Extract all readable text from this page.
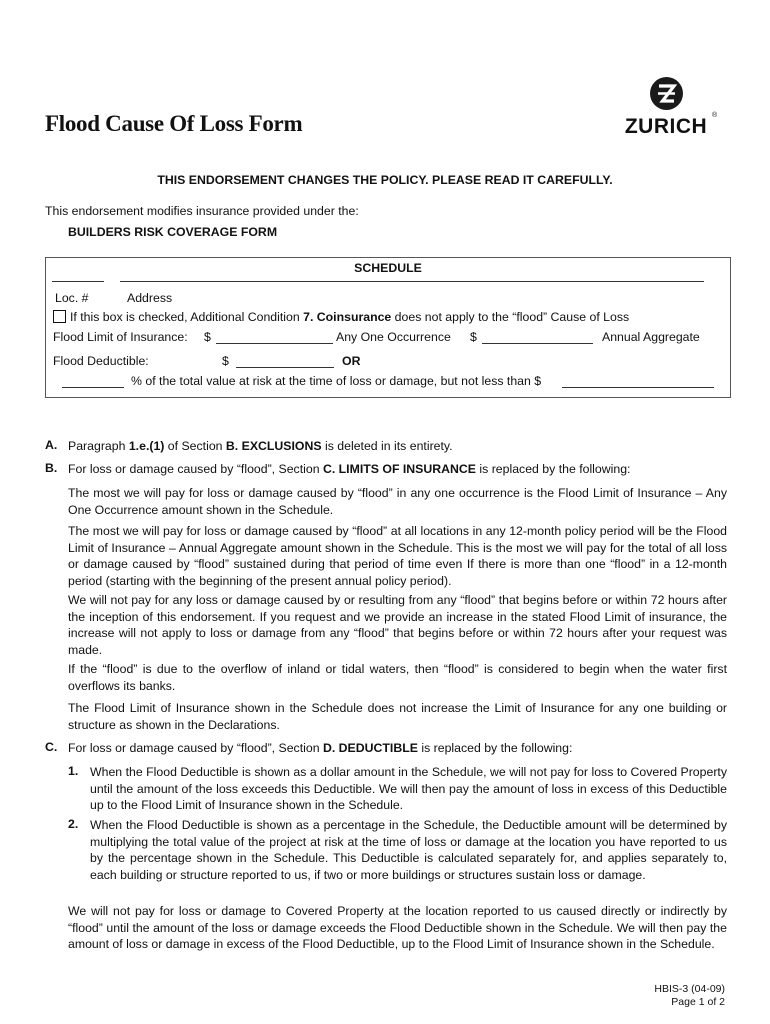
Flood Cause Of Loss Form	ZURICH ®
THIS ENDORSEMENT CHANGES THE POLICY. PLEASE READ IT CAREFULLY.
This endorsement modifies insurance provided under the:
BUILDERS RISK COVERAGE FORM
SCHEDULE
Loc. #	Address
If this box is checked, Additional Condition 7. Coinsurance does not apply to the “flood” Cause of Loss
Flood Limit of Insurance: $	Any One Occurrence $	Annual Aggregate
Flood Deductible:	$	OR
% of the total value at risk at the time of loss or damage, but not less than $
A. Paragraph 1.e.(1) of Section B. EXCLUSIONS is deleted in its entirety.
B. For loss or damage caused by “flood”, Section C. LIMITS OF INSURANCE is replaced by the following:
The most we will pay for loss or damage caused by “flood” in any one occurrence is the Flood Limit of Insurance – Any One Occurrence amount shown in the Schedule.
The most we will pay for loss or damage caused by “flood” at all locations in any 12-month policy period will be the Flood Limit of Insurance – Annual Aggregate amount shown in the Schedule. This is the most we will pay for the total of all loss or damage caused by “flood” sustained during that period of time even If there is more than one “flood” in a 12-month period (starting with the beginning of the present annual policy period).
We will not pay for any loss or damage caused by or resulting from any “flood” that begins before or within 72 hours after the inception of this endorsement. If you request and we provide an increase in the stated Flood Limit of insurance, the increase will not apply to loss or damage from any “flood” that begins before or within 72 hours after your request was made.
If the “flood” is due to the overflow of inland or tidal waters, then “flood” is considered to begin when the water first overflows its banks.
The Flood Limit of Insurance shown in the Schedule does not increase the Limit of Insurance for any one building or structure as shown in the Declarations.
C. For loss or damage caused by “flood”, Section D. DEDUCTIBLE is replaced by the following:
1. When the Flood Deductible is shown as a dollar amount in the Schedule, we will not pay for loss to Covered Property until the amount of the loss exceeds this Deductible. We will then pay the amount of loss in excess of this Deductible up to the Flood Limit of Insurance shown in the Schedule.
2. When the Flood Deductible is shown as a percentage in the Schedule, the Deductible amount will be determined by multiplying the total value of the project at risk at the time of loss or damage at the location you have reported to us by the percentage shown in the Schedule. This Deductible is calculated separately for, and applies separately to, each building or structure reported to us, if two or more buildings or structures sustain loss or damage.
We will not pay for loss or damage to Covered Property at the location reported to us caused directly or indirectly by “flood” until the amount of the loss or damage exceeds the Flood Deductible shown in the Schedule. We will then pay the amount of loss or damage in excess of the Flood Deductible, up to the Flood Limit of Insurance shown in the Schedule.
HBIS-3 (04-09)
Page 1 of 2
